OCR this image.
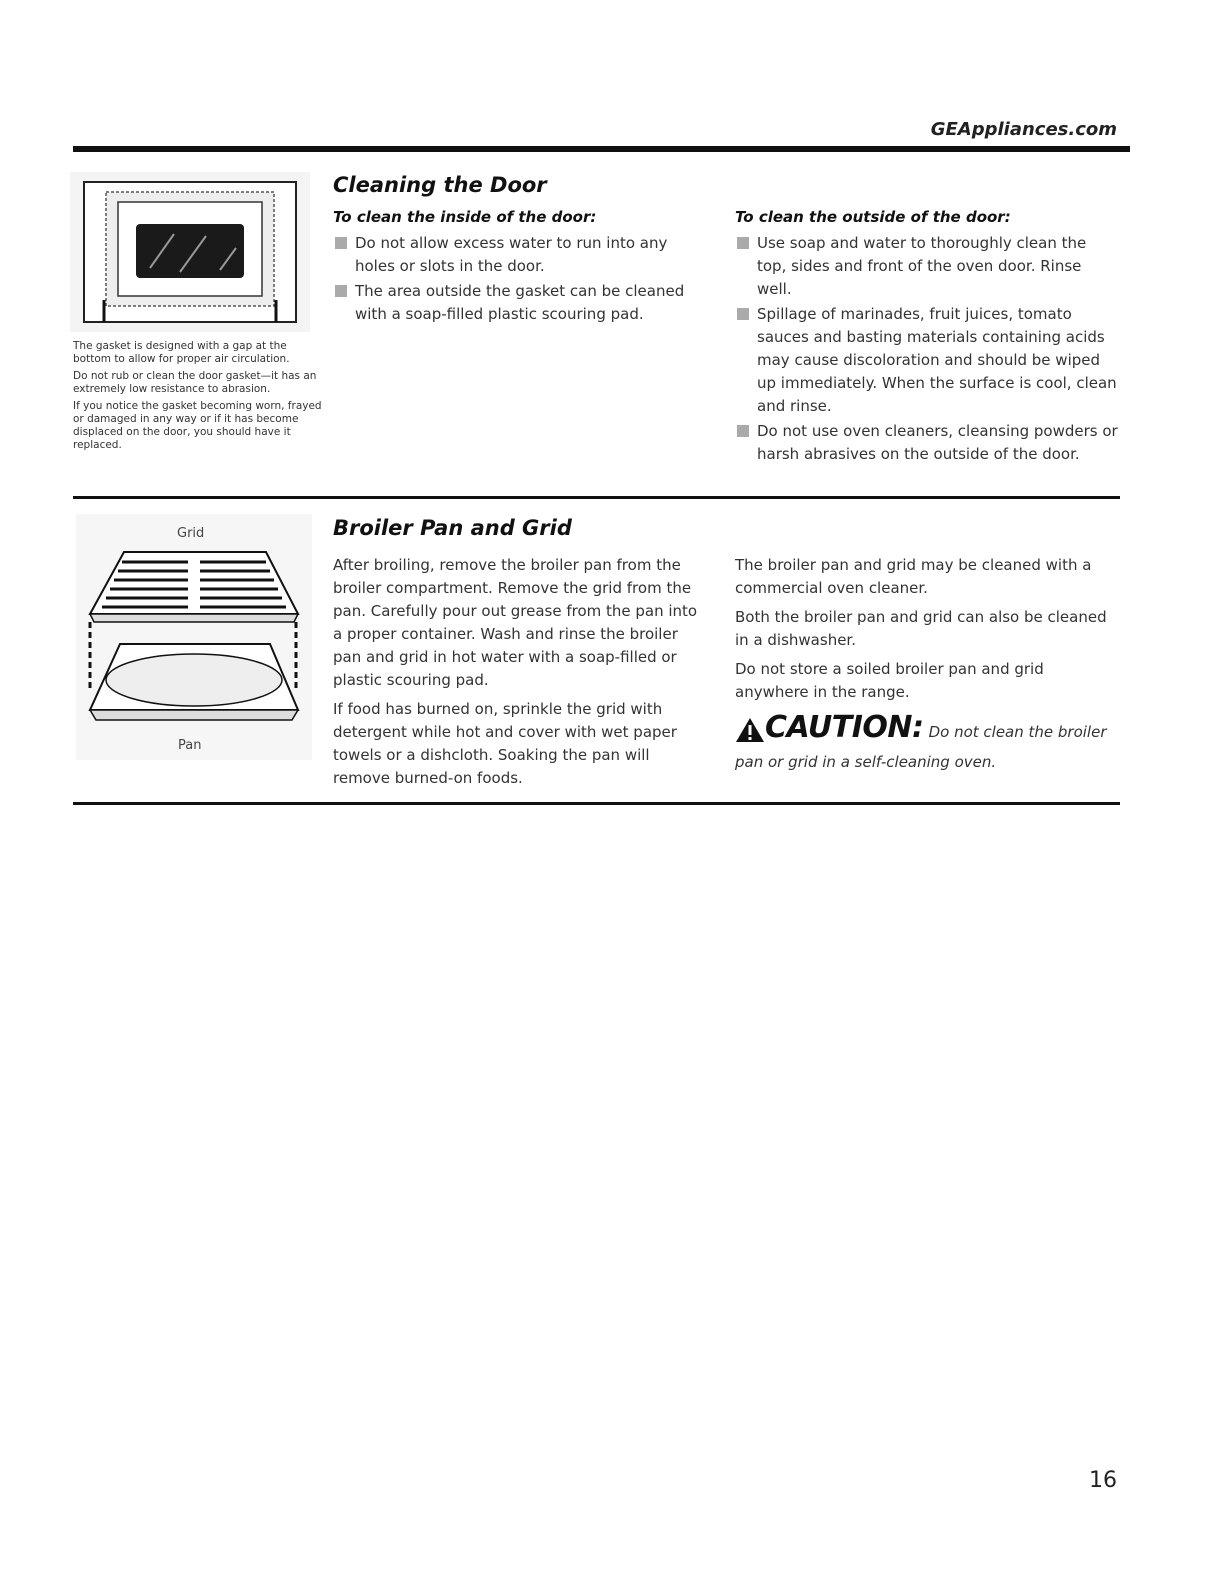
GEAppliances.com

The gasket is designed with a gap at the bottom to allow for proper air circulation.

Do not rub or clean the door gasket—it has an extremely low resistance to abrasion.

If you notice the gasket becoming worn, frayed or damaged in any way or if it has become displaced on the door, you should have it replaced.

Cleaning the Door
To clean the inside of the door:
Do not allow excess water to run into any holes or slots in the door.
The area outside the gasket can be cleaned with a soap-filled plastic scouring pad.
To clean the outside of the door:
Use soap and water to thoroughly clean the top, sides and front of the oven door. Rinse well.
Spillage of marinades, fruit juices, tomato sauces and basting materials containing acids may cause discoloration and should be wiped up immediately. When the surface is cool, clean and rinse.
Do not use oven cleaners, cleansing powders or harsh abrasives on the outside of the door.
Grid
Pan
Broiler Pan and Grid

After broiling, remove the broiler pan from the broiler compartment. Remove the grid from the pan. Carefully pour out grease from the pan into a proper container. Wash and rinse the broiler pan and grid in hot water with a soap-filled or plastic scouring pad.

If food has burned on, sprinkle the grid with detergent while hot and cover with wet paper towels or a dishcloth. Soaking the pan will remove burned-on foods.

The broiler pan and grid may be cleaned with a commercial oven cleaner.

Both the broiler pan and grid can also be cleaned in a dishwasher.

Do not store a soiled broiler pan and grid anywhere in the range.

CAUTION: Do not clean the broiler pan or grid in a self-cleaning oven.
16
